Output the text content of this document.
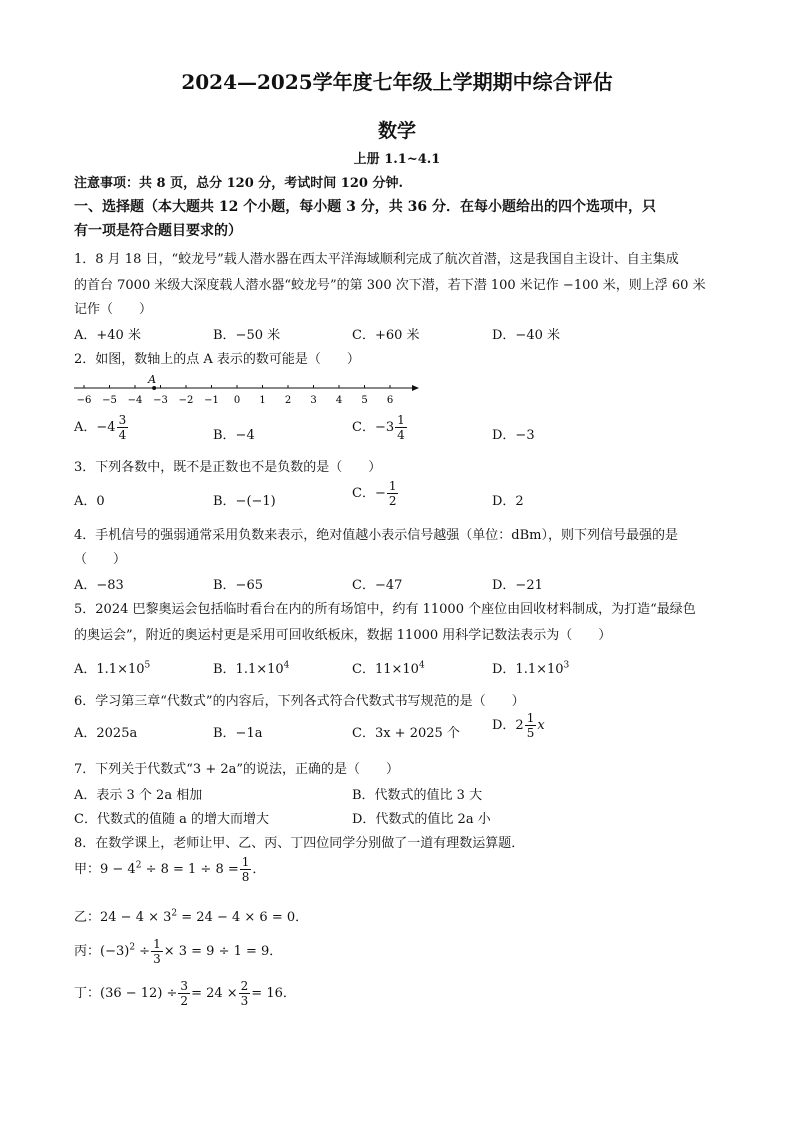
2024—2025学年度七年级上学期期中综合评估
数学
上册 1.1~4.1
注意事项：共 8 页，总分 120 分，考试时间 120 分钟.
一、选择题（本大题共 12 个小题，每小题 3 分，共 36 分．在每小题给出的四个选项中，只
有一项是符合题目要求的）
1．8 月 18 日，“蛟龙号”载人潜水器在西太平洋海域顺利完成了航次首潜，这是我国自主设计、自主集成
的首台 7000 米级大深度载人潜水器“蛟龙号”的第 300 次下潜，若下潜 100 米记作 −100 米，则上浮 60 米
记作（　　）
A．+40 米	B．−50 米	C．+60 米	D．−40 米
2．如图，数轴上的点 A 表示的数可能是（　　）
−6 −5 −4 −3 −2 −1 0 1 2 3 4 5 6
A
A．$-4 \frac{3}{4}$	B．−4
C．$-3 \frac{1}{4}$	D．−3
3．下列各数中，既不是正数也不是负数的是（　　）
A．0	B．−(−1)
C．− $\frac{1}{2}$	D．2
4．手机信号的强弱通常采用负数来表示，绝对值越小表示信号越强（单位：dBm），则下列信号最强的是
（　　）
A．−83	B．−65	C．−47	D．−21
5．2024 巴黎奥运会包括临时看台在内的所有场馆中，约有 11000 个座位由回收材料制成，为打造“最绿色
的奥运会”，附近的奥运村更是采用可回收纸板床，数据 11000 用科学记数法表示为（　　）
A．$1.1\times 10^5$	B．$1.1\times 10^4$	C．$11\times 10^4$	D．$1.1\times 10^3$
6．学习第三章“代数式”的内容后，下列各式符合代数式书写规范的是（　　）
A．2025a	B．−1a	C．3x + 2025 个
D．$2 \frac{1}{5}$ x
7．下列关于代数式“3 + 2a”的说法，正确的是（　　）
A．表示 3 个 2a 相加	B．代数式的值比 3 大
C．代数式的值随 a 的增大而增大	D．代数式的值比 2a 小
8．在数学课上，老师让甲、乙、丙、丁四位同学分别做了一道有理数运算题．
甲：$9 - 4^2 \div 8 = 1 \div 8 = \frac{1}{8}$ ．
乙：$24 - 4 \times 3^2 = 24 - 4 \times 6 = 0$．
丙：$(-3)^2 \div \frac{1}{3} \times 3 = 9 \div 1 = 9$．
丁：$(36 - 12) \div \frac{3}{2} = 24 \times \frac{2}{3} = 16$．
